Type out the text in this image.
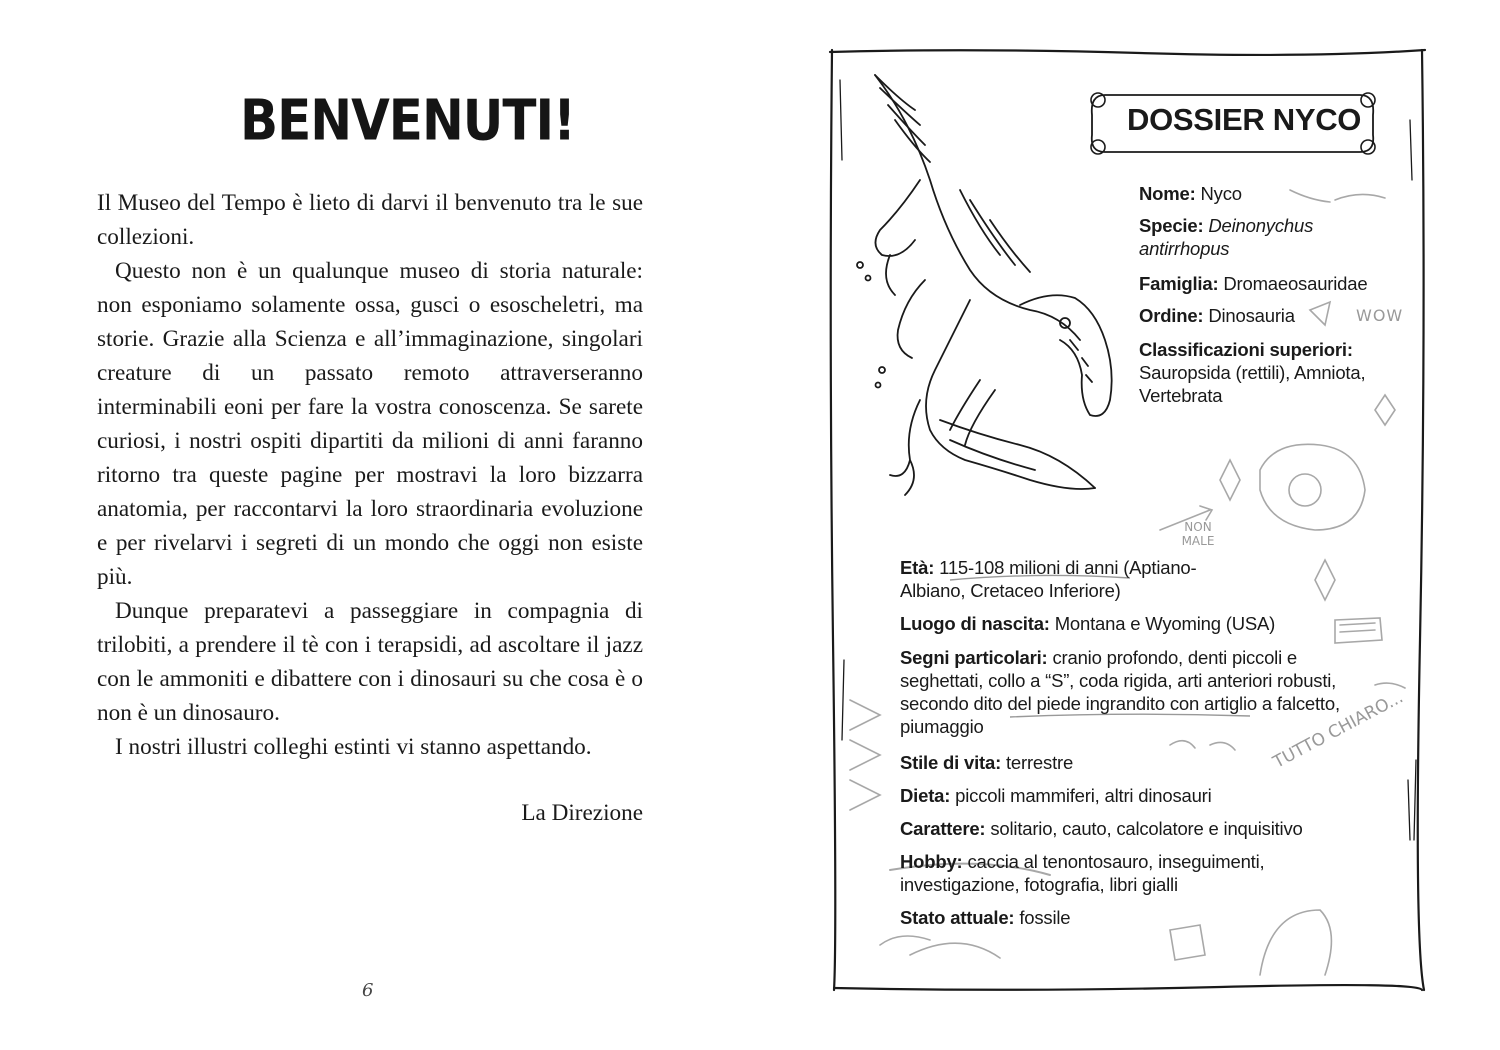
BENVENUTI!

Il Museo del Tempo è lieto di darvi il benvenuto tra le sue collezioni.

Questo non è un qualunque museo di storia naturale: non esponiamo solamente ossa, gusci o esoscheletri, ma storie. Grazie alla Scienza e all’immaginazione, singolari creature di un passato remoto attraverseranno interminabili eoni per fare la vostra conoscenza. Se sarete curiosi, i nostri ospiti dipartiti da milioni di anni faranno ritorno tra queste pagine per mostravi la loro bizzarra anatomia, per raccontarvi la loro straordinaria evoluzione e per rivelarvi i segreti di un mondo che oggi non esiste più.

Dunque preparatevi a passeggiare in compagnia di trilobiti, a prendere il tè con i terapsidi, ad ascoltare il jazz con le ammoniti e dibattere con i dinosauri su che cosa è o non è un dinosauro.

I nostri illustri colleghi estinti vi stanno aspettando.

La Direzione
6
DOSSIER NYCO
Nome: Nyco
Specie: Deinonychus antirrhopus
Famiglia: Dromaeosauridae
Ordine: Dinosauria
Classificazioni superiori:
Sauropsida (rettili), Amniota, Vertebrata
Età: 115-108 milioni di anni (Aptiano-Albiano, Cretaceo Inferiore)
Luogo di nascita: Montana e Wyoming (USA)
Segni particolari: cranio profondo, denti piccoli e seghettati, collo a “S”, coda rigida, arti anteriori robusti, secondo dito del piede ingrandito con artiglio a falcetto, piumaggio
Stile di vita: terrestre
Dieta: piccoli mammiferi, altri dinosauri
Carattere: solitario, cauto, calcolatore e inquisitivo
Hobby: caccia al tenontosauro, inseguimenti, investigazione, fotografia, libri gialli
Stato attuale: fossile
WOW
NON MALE
TUTTO CHIARO...
